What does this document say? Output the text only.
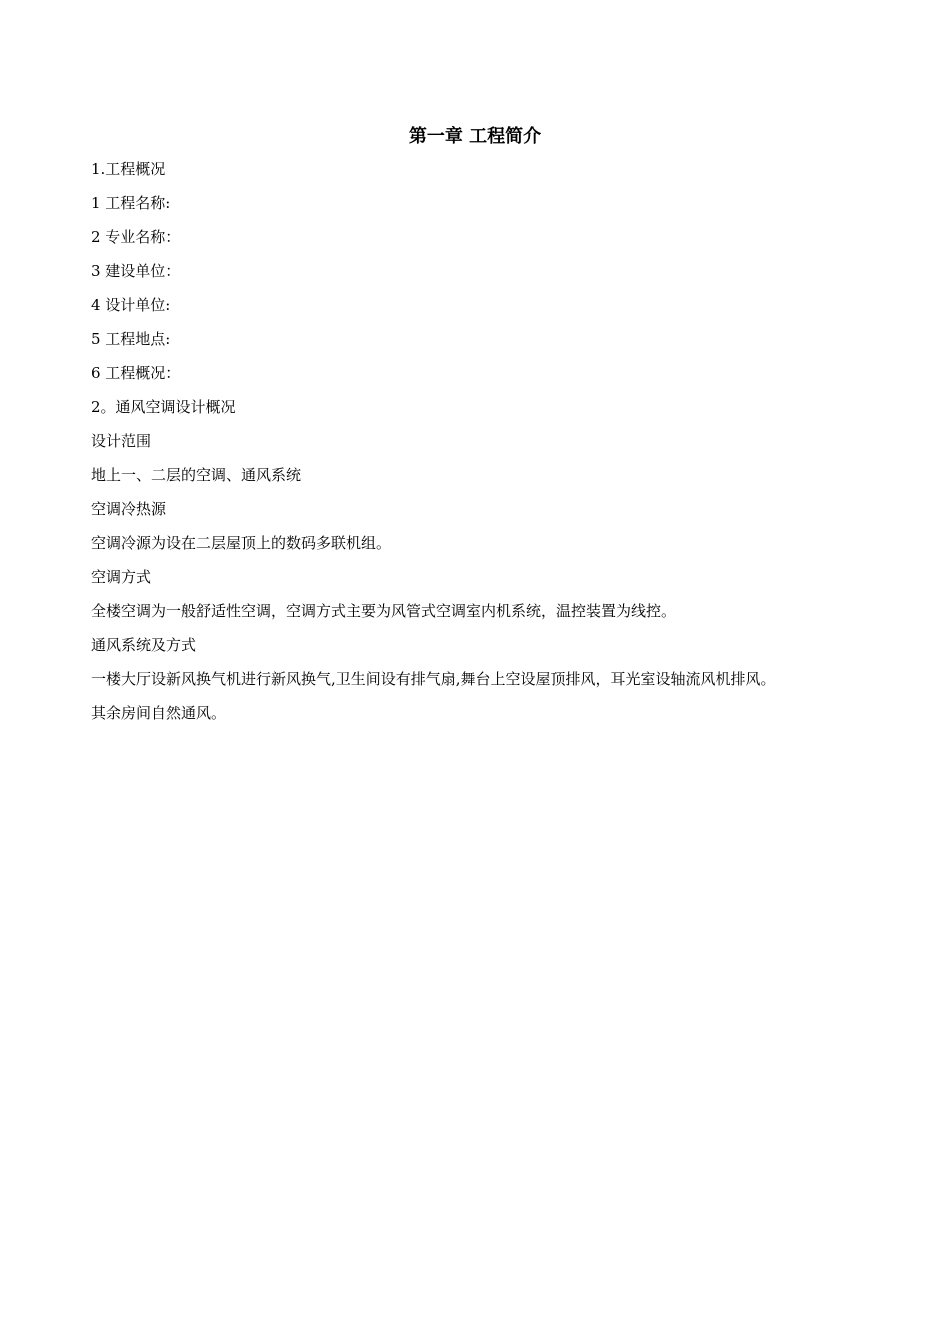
第一章 工程简介

1.工程概况

1 工程名称:

2 专业名称：

3 建设单位：

4 设计单位:

5 工程地点:

6 工程概况：

2。通风空调设计概况

设计范围

地上一、二层的空调、通风系统

空调冷热源

空调冷源为设在二层屋顶上的数码多联机组。

空调方式

全楼空调为一般舒适性空调，空调方式主要为风管式空调室内机系统，温控装置为线控。

通风系统及方式

一楼大厅设新风换气机进行新风换气,卫生间设有排气扇,舞台上空设屋顶排风，耳光室设轴流风机排风。

其余房间自然通风。
